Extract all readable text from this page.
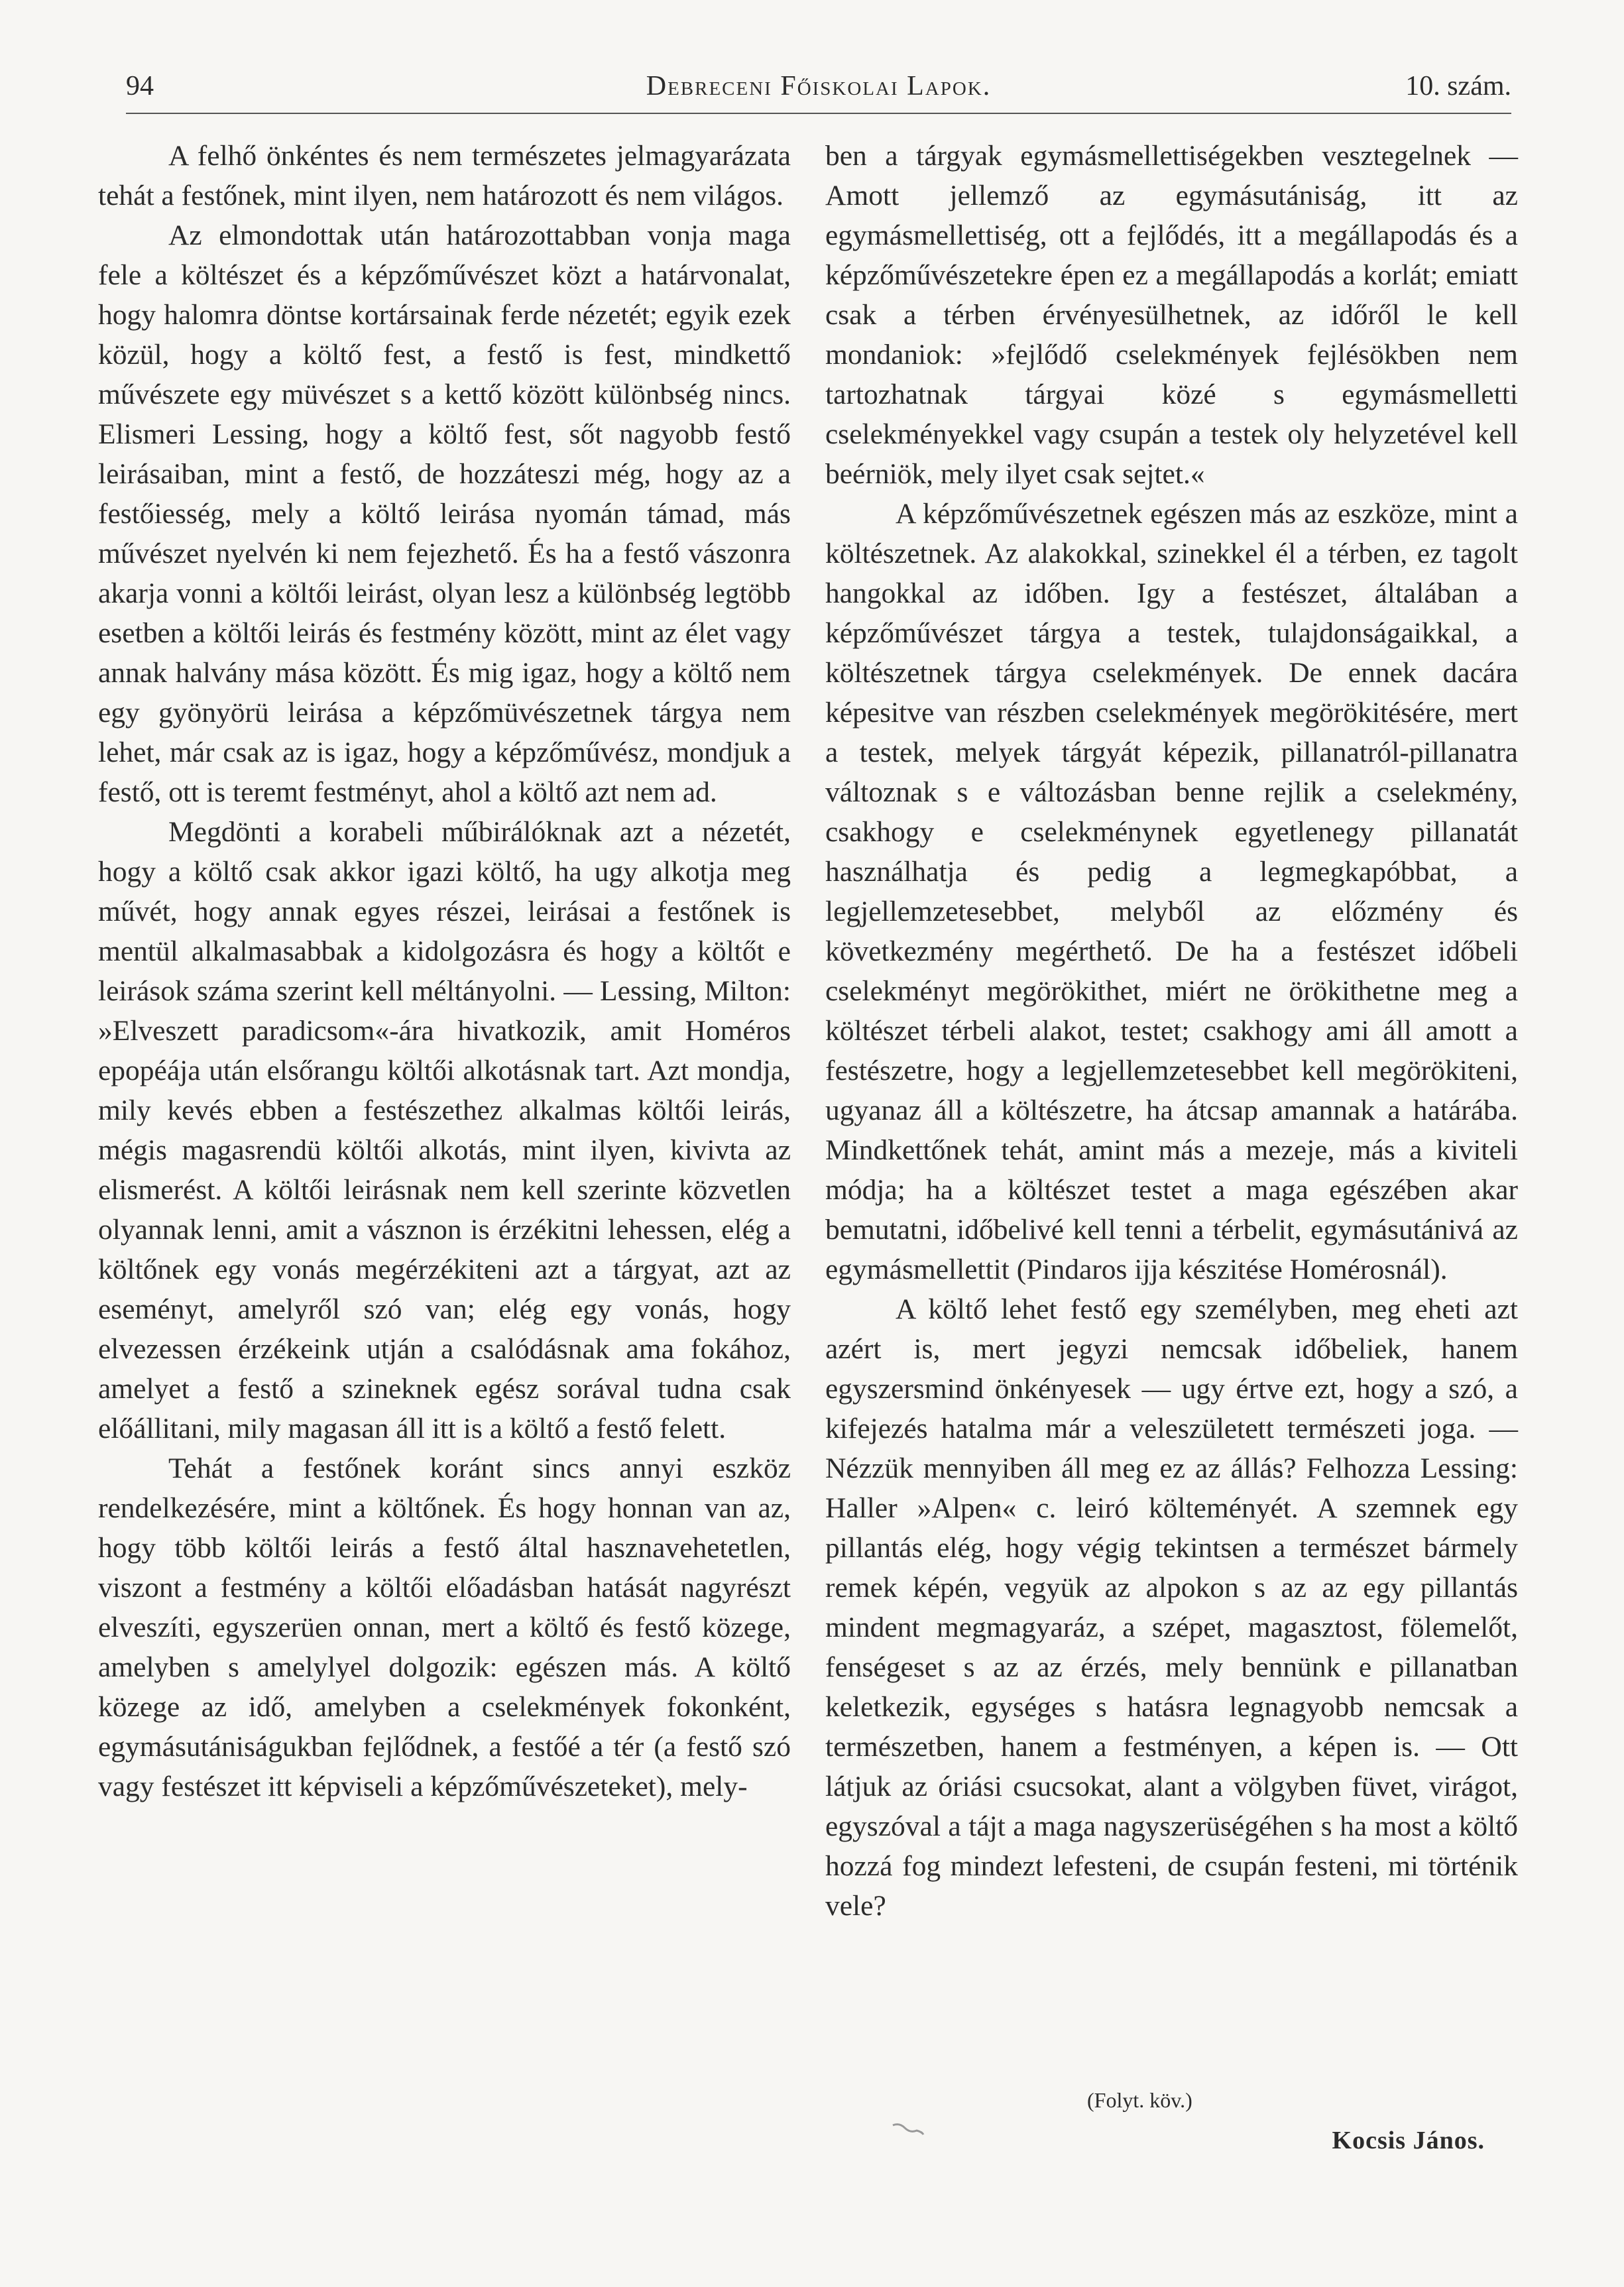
94	Debreceni Főiskolai Lapok.	10. szám.

A felhő önkéntes és nem természetes jelmagyarázata tehát a festőnek, mint ilyen, nem határozott és nem világos.

Az elmondottak után határozottabban vonja maga fele a költészet és a képzőművészet közt a határvonalat, hogy halomra döntse kortársainak ferde nézetét; egyik ezek közül, hogy a költő fest, a festő is fest, mindkettő művészete egy müvészet s a kettő között különbség nincs. Elismeri Lessing, hogy a költő fest, sőt nagyobb festő leirásaiban, mint a festő, de hozzáteszi még, hogy az a festőiesség, mely a költő leirása nyomán támad, más művészet nyelvén ki nem fejezhető. És ha a festő vászonra akarja vonni a költői leirást, olyan lesz a különbség legtöbb esetben a költői leirás és festmény között, mint az élet vagy annak halvány mása között. És mig igaz, hogy a költő nem egy gyönyörü leirása a képzőmüvészetnek tárgya nem lehet, már csak az is igaz, hogy a képzőművész, mondjuk a festő, ott is teremt festményt, ahol a költő azt nem ad.

Megdönti a korabeli műbirálóknak azt a nézetét, hogy a költő csak akkor igazi költő, ha ugy alkotja meg művét, hogy annak egyes részei, leirásai a festőnek is mentül alkalmasabbak a kidolgozásra és hogy a költőt e leirások száma szerint kell méltányolni. — Lessing, Milton: »Elveszett paradicsom«-ára hivatkozik, amit Homéros epopéája után elsőrangu költői alkotásnak tart. Azt mondja, mily kevés ebben a festészethez alkalmas költői leirás, mégis magasrendü költői alkotás, mint ilyen, kivivta az elismerést. A költői leirásnak nem kell szerinte közvetlen olyannak lenni, amit a vásznon is érzékitni lehessen, elég a költőnek egy vonás megérzékiteni azt a tárgyat, azt az eseményt, amelyről szó van; elég egy vonás, hogy elvezessen érzékeink utján a csalódásnak ama fokához, amelyet a festő a szineknek egész sorával tudna csak előállitani, mily magasan áll itt is a költő a festő felett.

Tehát a festőnek koránt sincs annyi eszköz rendelkezésére, mint a költőnek. És hogy honnan van az, hogy több költői leirás a festő által hasznavehetetlen, viszont a festmény a költői előadásban hatását nagyrészt elveszíti, egyszerüen onnan, mert a költő és festő közege, amelyben s amelylyel dolgozik: egészen más. A költő közege az idő, amelyben a cselekmények fokonként, egymásutániságukban fejlődnek, a festőé a tér (a festő szó vagy festészet itt képviseli a képzőművészeteket), mely-

ben a tárgyak egymásmellettiségekben vesztegelnek — Amott jellemző az egymásutániság, itt az egymásmellettiség, ott a fejlődés, itt a megállapodás és a képzőművészetekre épen ez a megállapodás a korlát; emiatt csak a térben érvényesülhetnek, az időről le kell mondaniok: »fejlődő cselekmények fejlésökben nem tartozhatnak tárgyai közé s egymásmelletti cselekményekkel vagy csupán a testek oly helyzetével kell beérniök, mely ilyet csak sejtet.«

A képzőművészetnek egészen más az eszköze, mint a költészetnek. Az alakokkal, szinekkel él a térben, ez tagolt hangokkal az időben. Igy a festészet, általában a képzőművészet tárgya a testek, tulajdonságaikkal, a költészetnek tárgya cselekmények. De ennek dacára képesitve van részben cselekmények megörökitésére, mert a testek, melyek tárgyát képezik, pillanatról-pillanatra változnak s e változásban benne rejlik a cselekmény, csakhogy e cselekménynek egyetlenegy pillanatát használhatja és pedig a legmegkapóbbat, a legjellemzetesebbet, melyből az előzmény és következmény megérthető. De ha a festészet időbeli cselekményt megörökithet, miért ne örökithetne meg a költészet térbeli alakot, testet; csakhogy ami áll amott a festészetre, hogy a legjellemzetesebbet kell megörökiteni, ugyanaz áll a költészetre, ha átcsap amannak a határába. Mindkettőnek tehát, amint más a mezeje, más a kiviteli módja; ha a költészet testet a maga egészében akar bemutatni, időbelivé kell tenni a térbelit, egymásutánivá az egymásmellettit (Pindaros ijja készitése Homérosnál).

A költő lehet festő egy személyben, meg eheti azt azért is, mert jegyzi nemcsak időbeliek, hanem egyszersmind önkényesek — ugy értve ezt, hogy a szó, a kifejezés hatalma már a veleszületett természeti joga. — Nézzük mennyiben áll meg ez az állás? Felhozza Lessing: Haller »Alpen« c. leiró költeményét. A szemnek egy pillantás elég, hogy végig tekintsen a természet bármely remek képén, vegyük az alpokon s az az egy pillantás mindent megmagyaráz, a szépet, magasztost, fölemelőt, fenségeset s az az érzés, mely bennünk e pillanatban keletkezik, egységes s hatásra legnagyobb nemcsak a természetben, hanem a festményen, a képen is. — Ott látjuk az óriási csucsokat, alant a völgyben füvet, virágot, egyszóval a tájt a maga nagyszerüségéhen s ha most a költő hozzá fog mindezt lefesteni, de csupán festeni, mi történik vele?

(Folyt. köv.)
Kocsis János.
